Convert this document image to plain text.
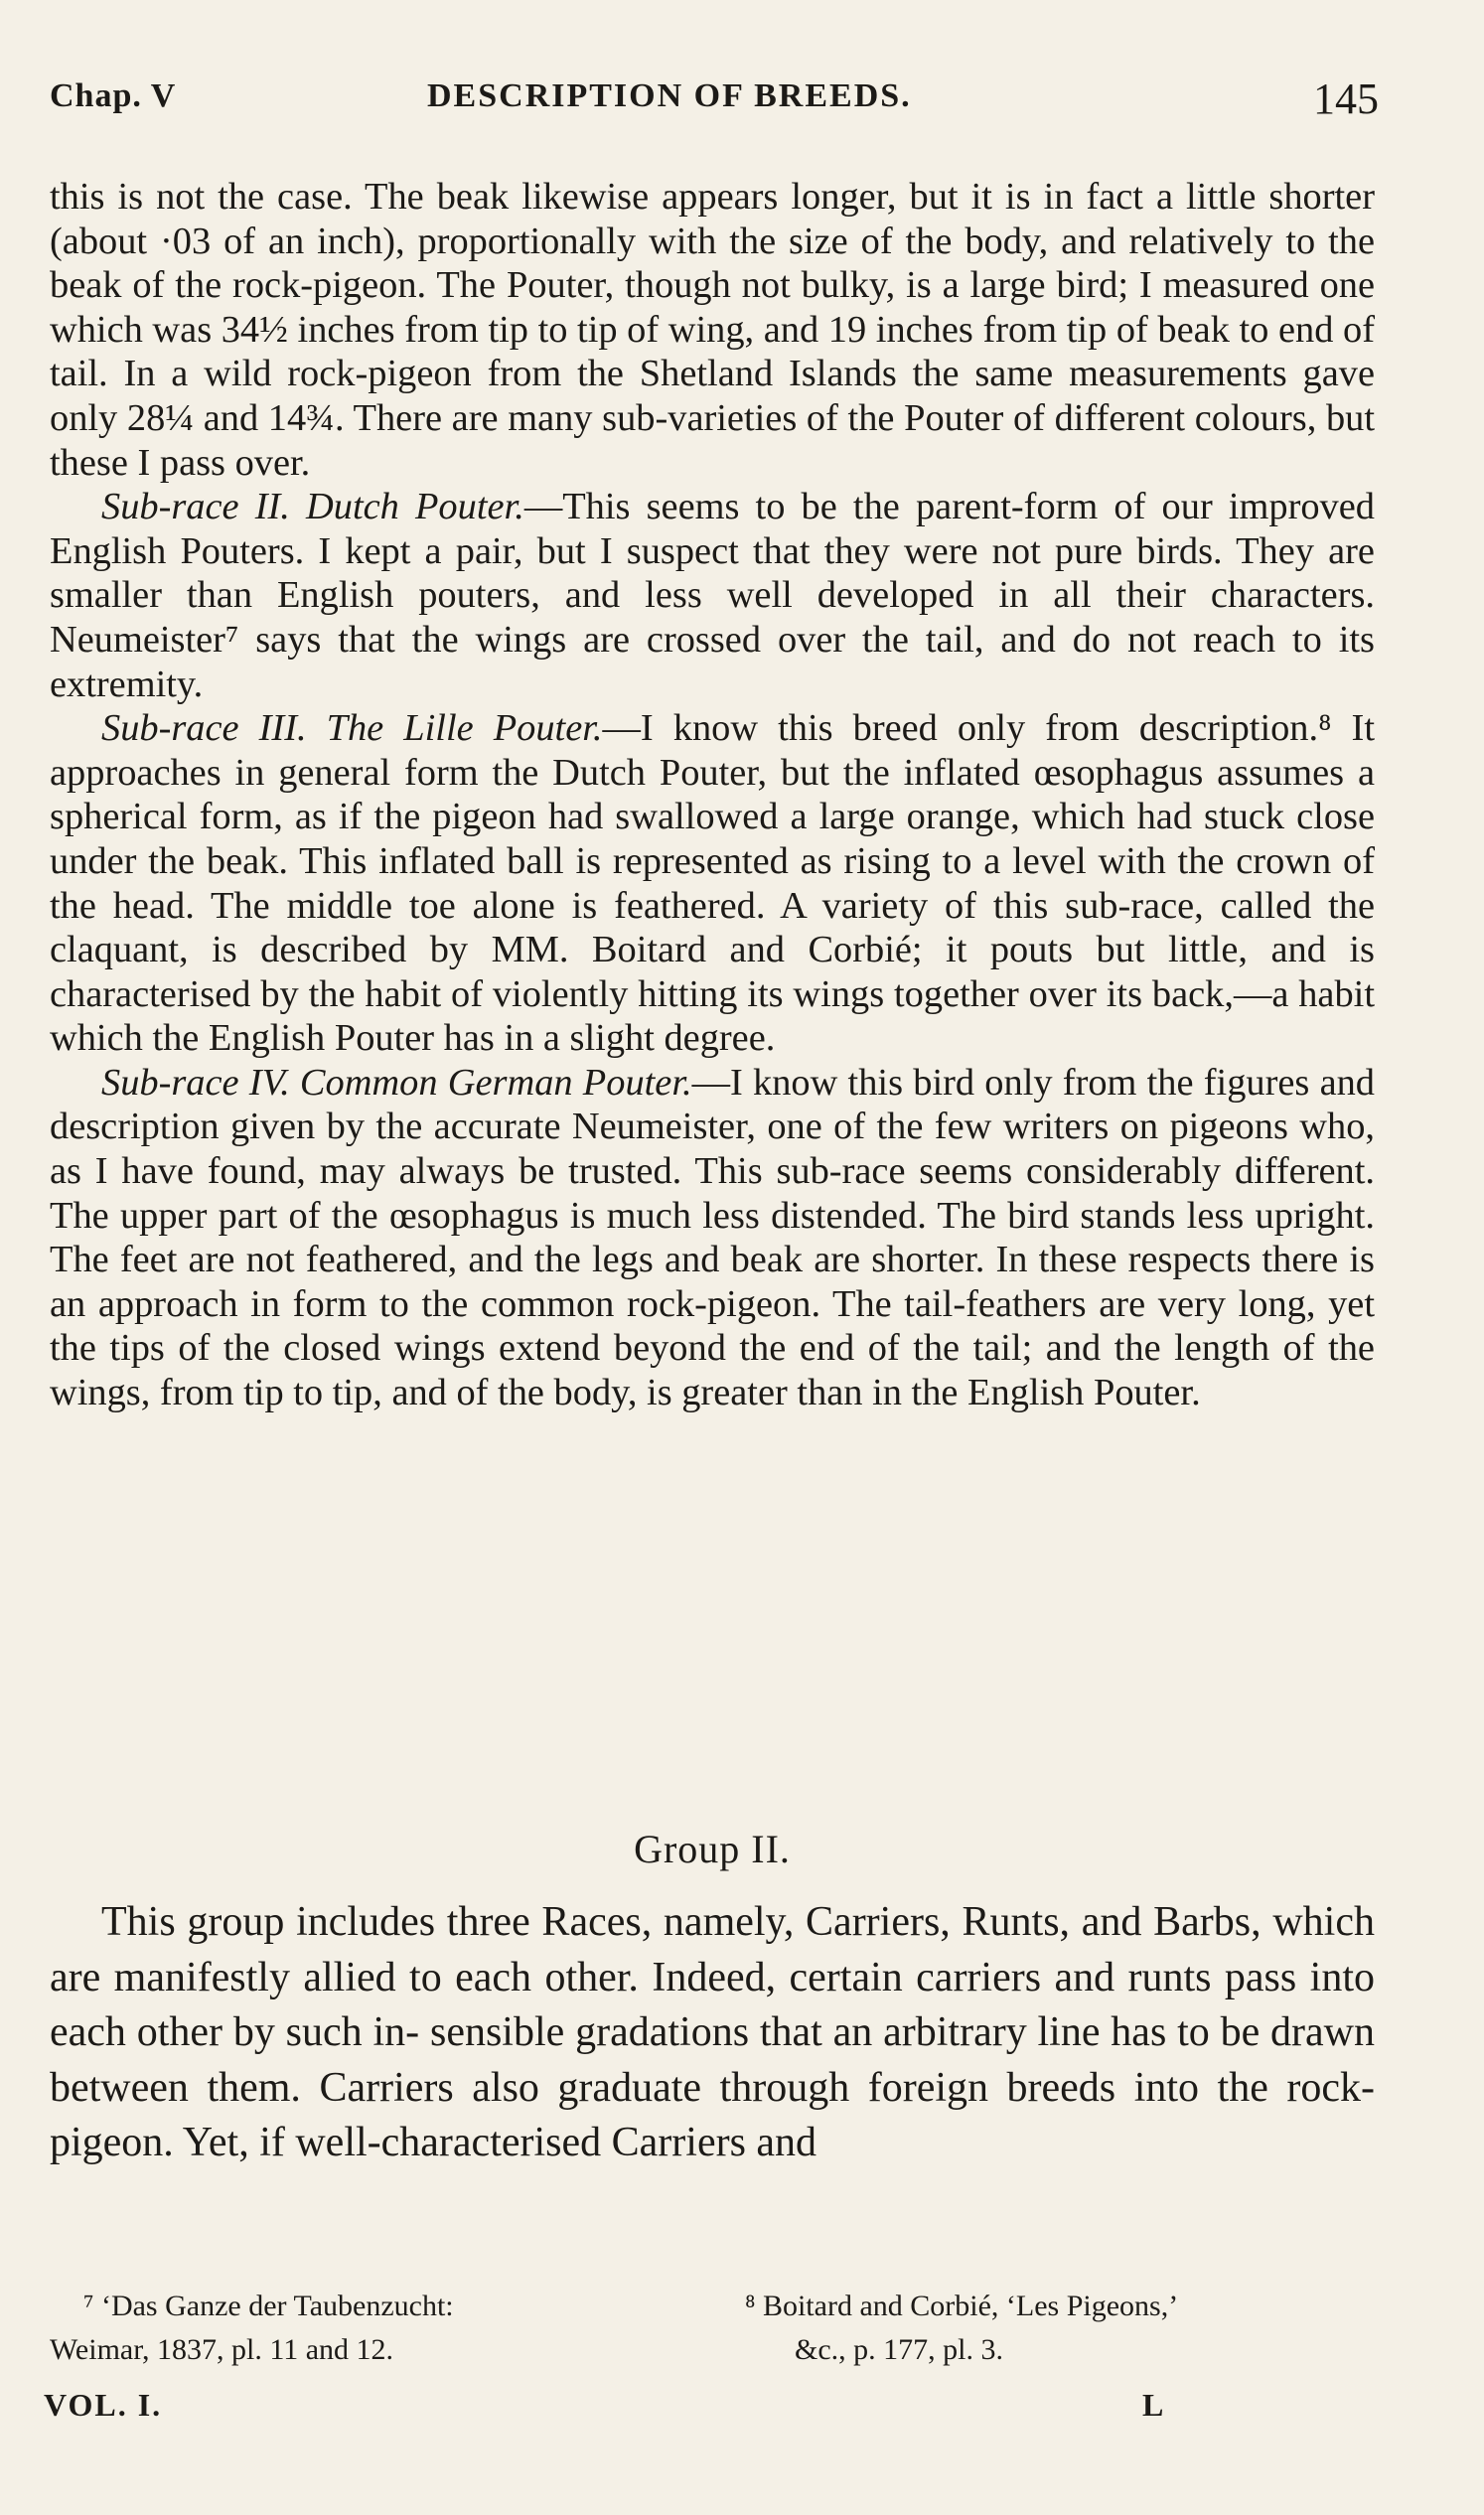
Chap. V	DESCRIPTION OF BREEDS.	145

this is not the case. The beak likewise appears longer, but it is in fact a little shorter (about ·03 of an inch), proportionally with the size of the body, and relatively to the beak of the rock-pigeon. The Pouter, though not bulky, is a large bird; I measured one which was 34½ inches from tip to tip of wing, and 19 inches from tip of beak to end of tail. In a wild rock-pigeon from the Shetland Islands the same measurements gave only 28¼ and 14¾. There are many sub-varieties of the Pouter of different colours, but these I pass over.

Sub-race II. Dutch Pouter.—This seems to be the parent-form of our improved English Pouters. I kept a pair, but I suspect that they were not pure birds. They are smaller than English pouters, and less well developed in all their characters. Neumeister⁷ says that the wings are crossed over the tail, and do not reach to its extremity.

Sub-race III. The Lille Pouter.—I know this breed only from description.⁸ It approaches in general form the Dutch Pouter, but the inflated œsophagus assumes a spherical form, as if the pigeon had swallowed a large orange, which had stuck close under the beak. This inflated ball is represented as rising to a level with the crown of the head. The middle toe alone is feathered. A variety of this sub-race, called the claquant, is described by MM. Boitard and Corbié; it pouts but little, and is characterised by the habit of violently hitting its wings together over its back,—a habit which the English Pouter has in a slight degree.

Sub-race IV. Common German Pouter.—I know this bird only from the figures and description given by the accurate Neumeister, one of the few writers on pigeons who, as I have found, may always be trusted. This sub-race seems considerably different. The upper part of the œsophagus is much less distended. The bird stands less upright. The feet are not feathered, and the legs and beak are shorter. In these respects there is an approach in form to the common rock-pigeon. The tail-feathers are very long, yet the tips of the closed wings extend beyond the end of the tail; and the length of the wings, from tip to tip, and of the body, is greater than in the English Pouter.

Group II.

This group includes three Races, namely, Carriers, Runts, and Barbs, which are manifestly allied to each other. Indeed, certain carriers and runts pass into each other by such in- sensible gradations that an arbitrary line has to be drawn between them. Carriers also graduate through foreign breeds into the rock-pigeon. Yet, if well-characterised Carriers and

⁷ ‘Das Ganze der Taubenzucht:
Weimar, 1837, pl. 11 and 12.
⁸ Boitard and Corbié, ‘Les Pigeons,’
&c., p. 177, pl. 3.
VOL. I.	L
